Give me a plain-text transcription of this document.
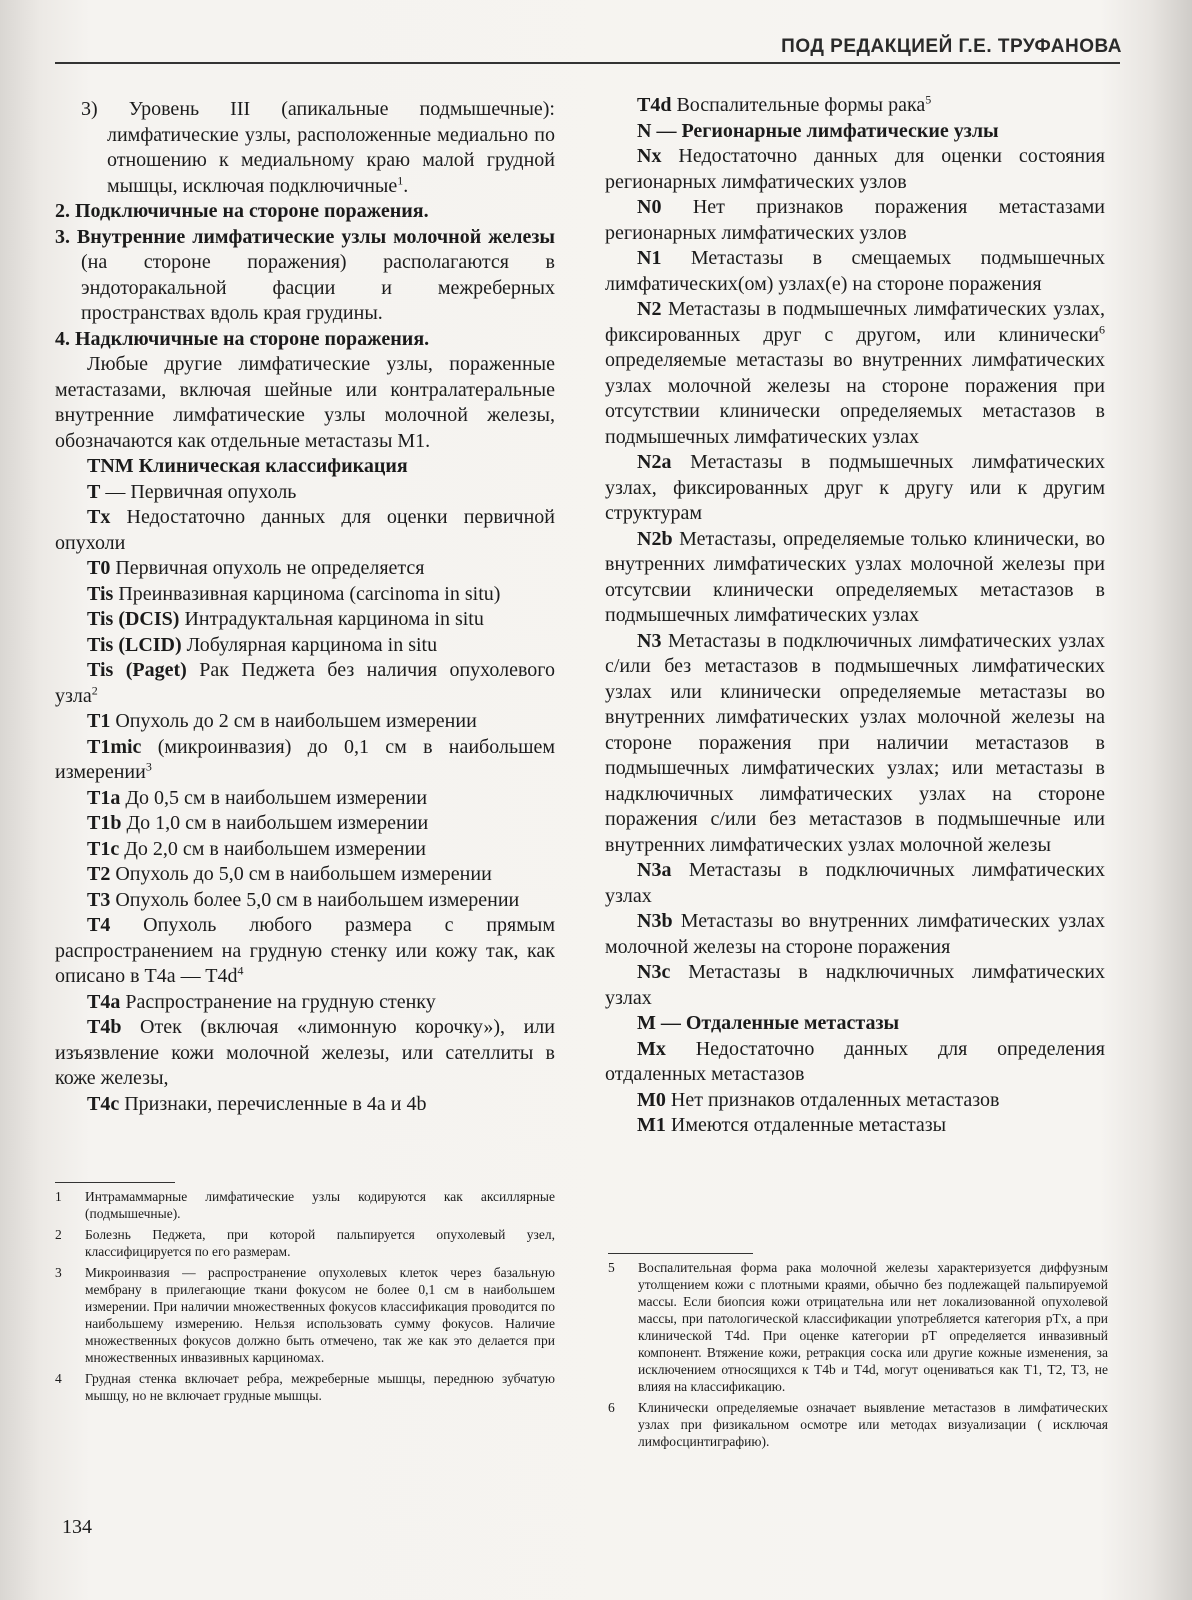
ПОД РЕДАКЦИЕЙ Г.Е. ТРУФАНОВА

3) Уровень III (апикальные подмышечные): лимфатические узлы, расположенные медиально по отношению к медиальному краю малой грудной мышцы, исключая подключичные$^1$.

2. Подключичные на стороне поражения.

3. Внутренние лимфатические узлы молочной железы (на стороне поражения) располагаются в эндоторакальной фасции и межреберных пространствах вдоль края грудины.

4. Надключичные на стороне поражения.

Любые другие лимфатические узлы, пораженные метастазами, включая шейные или контралатеральные внутренние лимфатические узлы молочной железы, обозначаются как отдельные метастазы M1.

TNM Клиническая классификация

T — Первичная опухоль

Tx Недостаточно данных для оценки первичной опухоли

T0 Первичная опухоль не определяется

Tis Преинвазивная карцинома (carcinoma in situ)

Tis (DCIS) Интрадуктальная карцинома in situ

Tis (LCID) Лобулярная карцинома in situ

Tis (Paget) Рак Педжета без наличия опухолевого узла$^2$

T1 Опухоль до 2 см в наибольшем измерении

T1mic (микроинвазия) до 0,1 см в наибольшем измерении$^3$

T1a До 0,5 см в наибольшем измерении

T1b До 1,0 см в наибольшем измерении

T1c До 2,0 см в наибольшем измерении

T2 Опухоль до 5,0 см в наибольшем измерении

T3 Опухоль более 5,0 см в наибольшем измерении

T4 Опухоль любого размера с прямым распространением на грудную стенку или кожу так, как описано в T4a — $T4d^4$

T4a Распространение на грудную стенку

T4b Отек (включая «лимонную корочку»), или изъязвление кожи молочной железы, или сателлиты в коже железы,

T4c Признаки, перечисленные в 4а и 4b

1 Интрамаммарные лимфатические узлы кодируются как аксиллярные (подмышечные).

2 Болезнь Педжета, при которой пальпируется опухолевый узел, классифицируется по его размерам.

3 Микроинвазия — распространение опухолевых клеток через базальную мембрану в прилегающие ткани фокусом не более 0,1 см в наибольшем измерении. При наличии множественных фокусов классификация проводится по наибольшему измерению. Нельзя использовать сумму фокусов. Наличие множественных фокусов должно быть отмечено, так же как это делается при множественных инвазивных карциномах.

4 Грудная стенка включает ребра, межреберные мышцы, переднюю зубчатую мышцу, но не включает грудные мышцы.

T4d Воспалительные формы рака$^5$

N — Регионарные лимфатические узлы

Nx Недостаточно данных для оценки состояния регионарных лимфатических узлов

N0 Нет признаков поражения метастазами регионарных лимфатических узлов

N1 Метастазы в смещаемых подмышечных лимфатических(ом) узлах(е) на стороне поражения

N2 Метастазы в подмышечных лимфатических узлах, фиксированных друг с другом, или клинически$^6$ определяемые метастазы во внутренних лимфатических узлах молочной железы на стороне поражения при отсутствии клинически определяемых метастазов в подмышечных лимфатических узлах

N2a Метастазы в подмышечных лимфатических узлах, фиксированных друг к другу или к другим структурам

N2b Метастазы, определяемые только клинически, во внутренних лимфатических узлах молочной железы при отсутсвии клинически определяемых метастазов в подмышечных лимфатических узлах

N3 Метастазы в подключичных лимфатических узлах с/или без метастазов в подмышечных лимфатических узлах или клинически определяемые метастазы во внутренних лимфатических узлах молочной железы на стороне поражения при наличии метастазов в подмышечных лимфатических узлах; или метастазы в надключичных лимфатических узлах на стороне поражения с/или без метастазов в подмышечные или внутренних лимфатических узлах молочной железы

N3a Метастазы в подключичных лимфатических узлах

N3b Метастазы во внутренних лимфатических узлах молочной железы на стороне поражения

N3c Метастазы в надключичных лимфатических узлах

M — Отдаленные метастазы

Mx Недостаточно данных для определения отдаленных метастазов

M0 Нет признаков отдаленных метастазов

M1 Имеются отдаленные метастазы

5 Воспалительная форма рака молочной железы характеризуется диффузным утолщением кожи с плотными краями, обычно без подлежащей пальпируемой массы. Если биопсия кожи отрицательна или нет локализованной опухолевой массы, при патологической классификации употребляется категория pTx, а при клинической T4d. При оценке категории pT определяется инвазивный компонент. Втяжение кожи, ретракция соска или другие кожные изменения, за исключением относящихся к T4b и T4d, могут оцениваться как T1, T2, T3, не влияя на классификацию.

6 Клинически определяемые означает выявление метастазов в лимфатических узлах при физикальном осмотре или методах визуализации ( исключая лимфосцинтиграфию).

134
